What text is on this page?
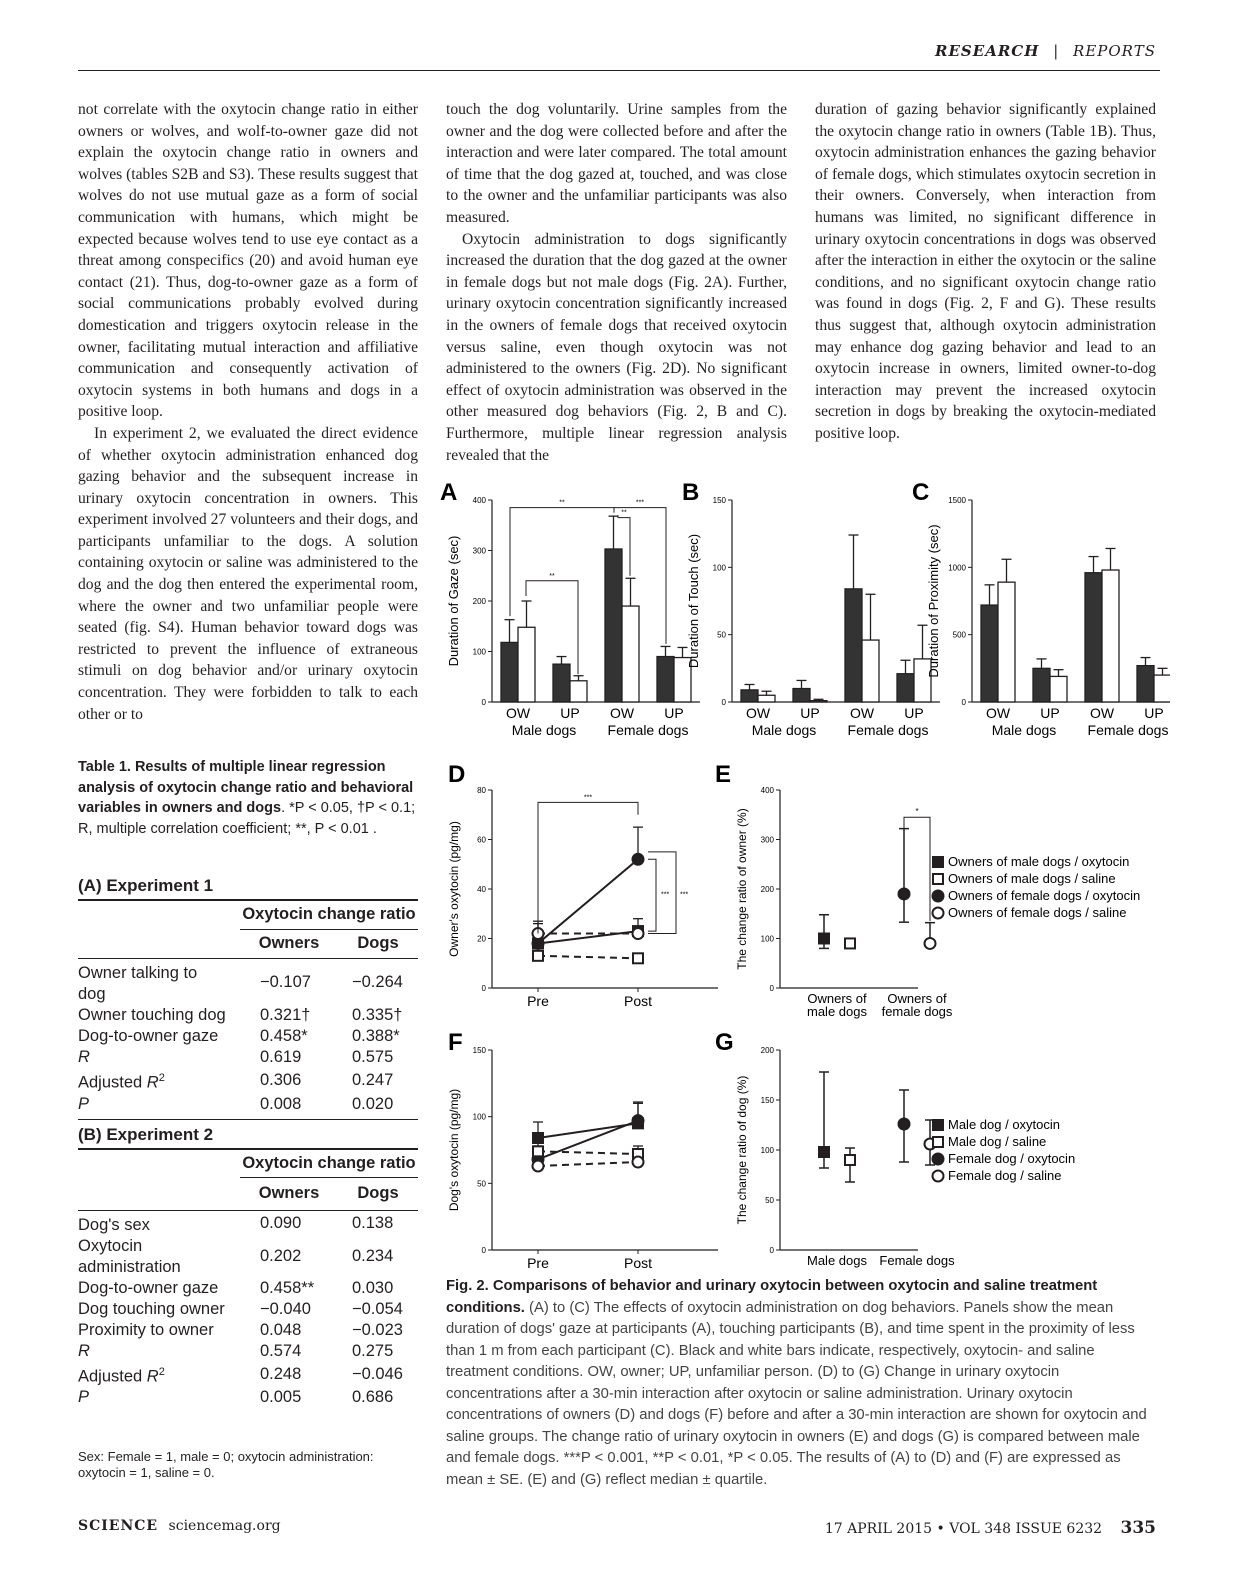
RESEARCH | REPORTS

not correlate with the oxytocin change ratio in either owners or wolves, and wolf-to-owner gaze did not explain the oxytocin change ratio in owners and wolves (tables S2B and S3). These results suggest that wolves do not use mutual gaze as a form of social communication with humans, which might be expected because wolves tend to use eye contact as a threat among conspecifics (20) and avoid human eye contact (21). Thus, dog-to-owner gaze as a form of social communications probably evolved during domestication and triggers oxytocin release in the owner, facilitating mutual interaction and affiliative communication and consequently activation of oxytocin systems in both humans and dogs in a positive loop.

In experiment 2, we evaluated the direct evidence of whether oxytocin administration enhanced dog gazing behavior and the subsequent increase in urinary oxytocin concentration in owners. This experiment involved 27 volunteers and their dogs, and participants unfamiliar to the dogs. A solution containing oxytocin or saline was administered to the dog and the dog then entered the experimental room, where the owner and two unfamiliar people were seated (fig. S4). Human behavior toward dogs was restricted to prevent the influence of extraneous stimuli on dog behavior and/or urinary oxytocin concentration. They were forbidden to talk to each other or to

touch the dog voluntarily. Urine samples from the owner and the dog were collected before and after the interaction and were later compared. The total amount of time that the dog gazed at, touched, and was close to the owner and the unfamiliar participants was also measured.

Oxytocin administration to dogs significantly increased the duration that the dog gazed at the owner in female dogs but not male dogs (Fig. 2A). Further, urinary oxytocin concentration significantly increased in the owners of female dogs that received oxytocin versus saline, even though oxytocin was not administered to the owners (Fig. 2D). No significant effect of oxytocin administration was observed in the other measured dog behaviors (Fig. 2, B and C). Furthermore, multiple linear regression analysis revealed that the

duration of gazing behavior significantly explained the oxytocin change ratio in owners (Table 1B). Thus, oxytocin administration enhances the gazing behavior of female dogs, which stimulates oxytocin secretion in their owners. Conversely, when interaction from humans was limited, no significant difference in urinary oxytocin concentrations in dogs was observed after the interaction in either the oxytocin or the saline conditions, and no significant oxytocin change ratio was found in dogs (Fig. 2, F and G). These results thus suggest that, although oxytocin administration may enhance dog gazing behavior and lead to an oxytocin increase in owners, limited owner-to-dog interaction may prevent the increased oxytocin secretion in dogs by breaking the oxytocin-mediated positive loop.

Table 1. Results of multiple linear regression analysis of oxytocin change ratio and behavioral variables in owners and dogs. *P < 0.05, †P < 0.1; R, multiple correlation coefficient; **, P < 0.01 .
(A) Experiment 1
	Oxytocin change ratio	
	Owners	Dogs
Owner talking to dog	−0.107	−0.264
Owner touching dog	0.321†	0.335†
Dog-to-owner gaze	0.458*	0.388*
R	0.619	0.575
Adjusted $R^2$	0.306	0.247
P	0.008	0.020
(B) Experiment 2
	Oxytocin change ratio	
	Owners	Dogs
Dog's sex	0.090	0.138
Oxytocin administration	0.202	0.234
Dog-to-owner gaze	0.458**	0.030
Dog touching owner	−0.040	−0.054
Proximity to owner	0.048	−0.023
R	0.574	0.275
Adjusted $R^2$	0.248	−0.046
P	0.005	0.686
Sex: Female = 1, male = 0; oxytocin administration: oxytocin = 1, saline = 0.
A
0
100
200
300
400
Duration of Gaze (sec)
OW UP OW UP
Male dogs Female dogs
B
0
50
100
150
Duration of Touch (sec)
OW UP OW UP
Male dogs Female dogs
C
0
500
1000
1500
Duration of Proximity (sec)
OW UP OW UP
Male dogs Female dogs
**
**
***
**
0
20
40
60
80
Owner's oxytocin (pg/mg)
D
Pre	Post
***
*** ***
0
50
100
150
Dog's oxytocin (pg/mg)
F
Pre	Post
0
100
200
300
400
The change ratio of owner (%)
E
Owners of
male dogs
Owners of
female dogs
*
Owners of male dogs / oxytocin
Owners of male dogs / saline
Owners of female dogs / oxytocin
Owners of female dogs / saline
0
50
100
150
200
The change ratio of dog (%)
G
Male dogs Female dogs
Male dog / oxytocin
Male dog / saline
Female dog / oxytocin
Female dog / saline
Fig. 2. Comparisons of behavior and urinary oxytocin between oxytocin and saline treatment conditions. (A) to (C) The effects of oxytocin administration on dog behaviors. Panels show the mean duration of dogs' gaze at participants (A), touching participants (B), and time spent in the proximity of less than 1 m from each participant (C). Black and white bars indicate, respectively, oxytocin- and saline treatment conditions. OW, owner; UP, unfamiliar person. (D) to (G) Change in urinary oxytocin concentrations after a 30-min interaction after oxytocin or saline administration. Urinary oxytocin concentrations of owners (D) and dogs (F) before and after a 30-min interaction are shown for oxytocin and saline groups. The change ratio of urinary oxytocin in owners (E) and dogs (G) is compared between male and female dogs. ***P < 0.001, **P < 0.01, *P < 0.05. The results of (A) to (D) and (F) are expressed as mean ± SE. (E) and (G) reflect median ± quartile.
SCIENCE sciencemag.org	17 APRIL 2015 • VOL 348 ISSUE 6232 335
